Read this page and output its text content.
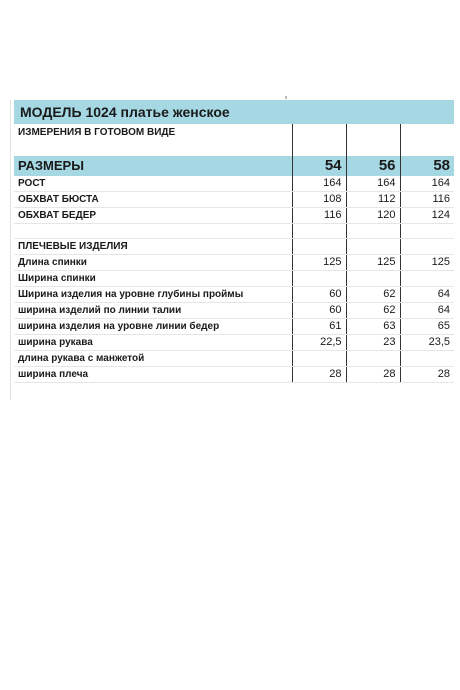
МОДЕЛЬ 1024 платье женское			
ИЗМЕРЕНИЯ В ГОТОВОМ ВИДЕ			

РАЗМЕРЫ	54	56	58
РОСТ	164	164	164
ОБХВАТ БЮСТА	108	112	116
ОБХВАТ БЕДЕР	116	120	124

ПЛЕЧЕВЫЕ ИЗДЕЛИЯ			
Длина спинки	125	125	125
Ширина спинки			
Ширина изделия на уровне глубины проймы	60	62	64
ширина изделий по линии талии	60	62	64
ширина изделия на уровне линии бедер	61	63	65
ширина рукава	22,5	23	23,5
длина рукава с манжетой			
ширина плеча	28	28	28
